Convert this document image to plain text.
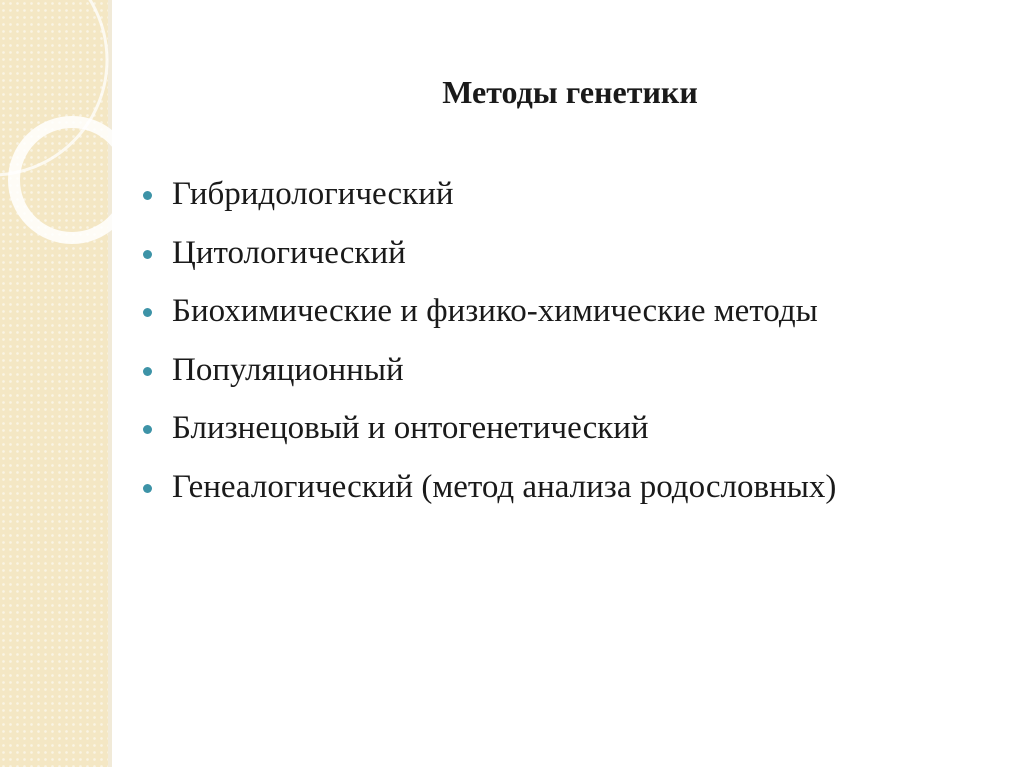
Методы генетики
Гибридологический
Цитологический
Биохимические и физико-химические методы
Популяционный
Близнецовый и онтогенетический
Генеалогический (метод анализа родословных)
